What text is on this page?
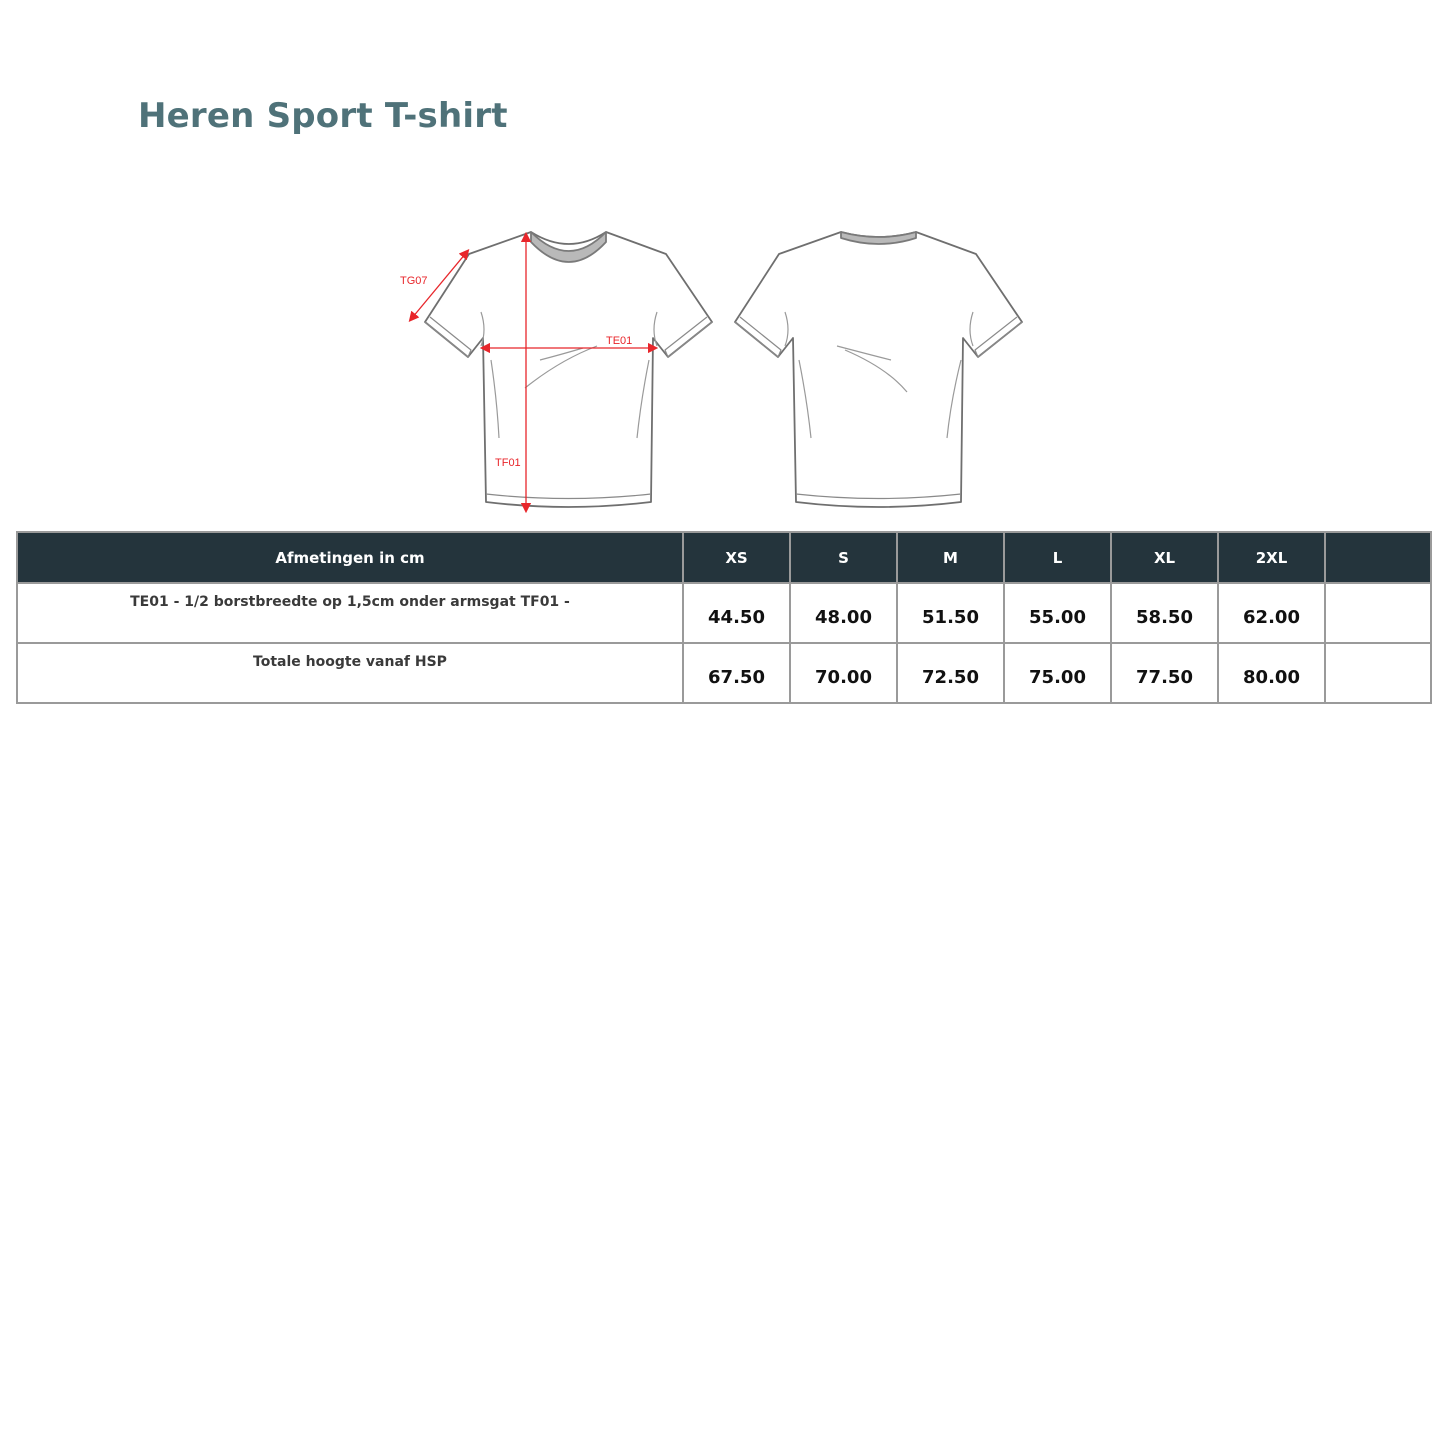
Heren Sport T-shirt
TG07
TE01
TF01
Afmetingen in cm	XS	S	M	L	XL	2XL	
TE01 - 1/2 borstbreedte op 1,5cm onder armsgat TF01 -	44.50	48.00	51.50	55.00	58.50	62.00	
Totale hoogte vanaf HSP	67.50	70.00	72.50	75.00	77.50	80.00	
